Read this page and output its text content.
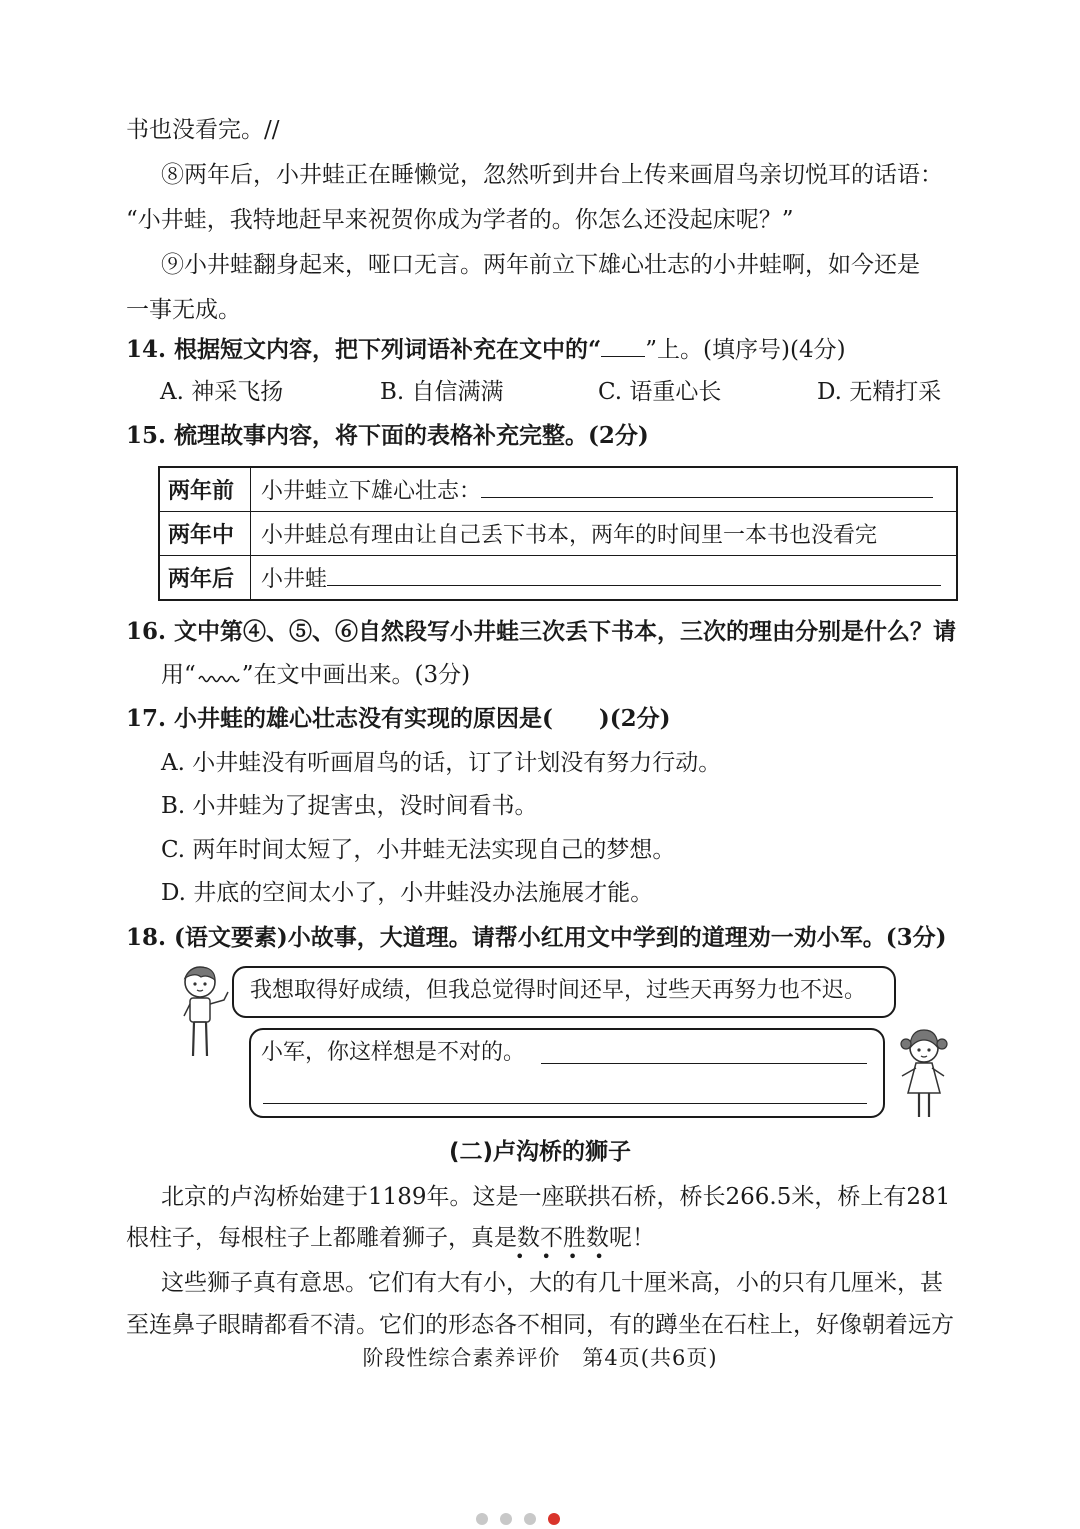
书也没看完。//
⑧两年后，小井蛙正在睡懒觉，忽然听到井台上传来画眉鸟亲切悦耳的话语：
“小井蛙，我特地赶早来祝贺你成为学者的。你怎么还没起床呢？”
⑨小井蛙翻身起来，哑口无言。两年前立下雄心壮志的小井蛙啊，如今还是
一事无成。
14. 根据短文内容，把下列词语补充在文中的“ ”上。(填序号)(4分)
A. 神采飞扬	B. 自信满满	C. 语重心长	D. 无精打采
15. 梳理故事内容，将下面的表格补充完整。(2分)
两年前	小井蛙立下雄心壮志：
两年中	小井蛙总有理由让自己丢下书本，两年的时间里一本书也没看完
两年后	小井蛙
16. 文中第④、⑤、⑥自然段写小井蛙三次丢下书本，三次的理由分别是什么？请
用“ ”在文中画出来。(3分)
17. 小井蛙的雄心壮志没有实现的原因是(　　)(2分)
A. 小井蛙没有听画眉鸟的话，订了计划没有努力行动。
B. 小井蛙为了捉害虫，没时间看书。
C. 两年时间太短了，小井蛙无法实现自己的梦想。
D. 井底的空间太小了，小井蛙没办法施展才能。
18. (语文要素)小故事，大道理。请帮小红用文中学到的道理劝一劝小军。(3分)
我想取得好成绩，但我总觉得时间还早，过些天再努力也不迟。
小军，你这样想是不对的。
(二)卢沟桥的狮子
北京的卢沟桥始建于1189年。这是一座联拱石桥，桥长266.5米，桥上有281
根柱子，每根柱子上都雕着狮子，真是数不胜数呢！
••••
这些狮子真有意思。它们有大有小，大的有几十厘米高，小的只有几厘米，甚
至连鼻子眼睛都看不清。它们的形态各不相同，有的蹲坐在石柱上，好像朝着远方
阶段性综合素养评价　第4页(共6页)
